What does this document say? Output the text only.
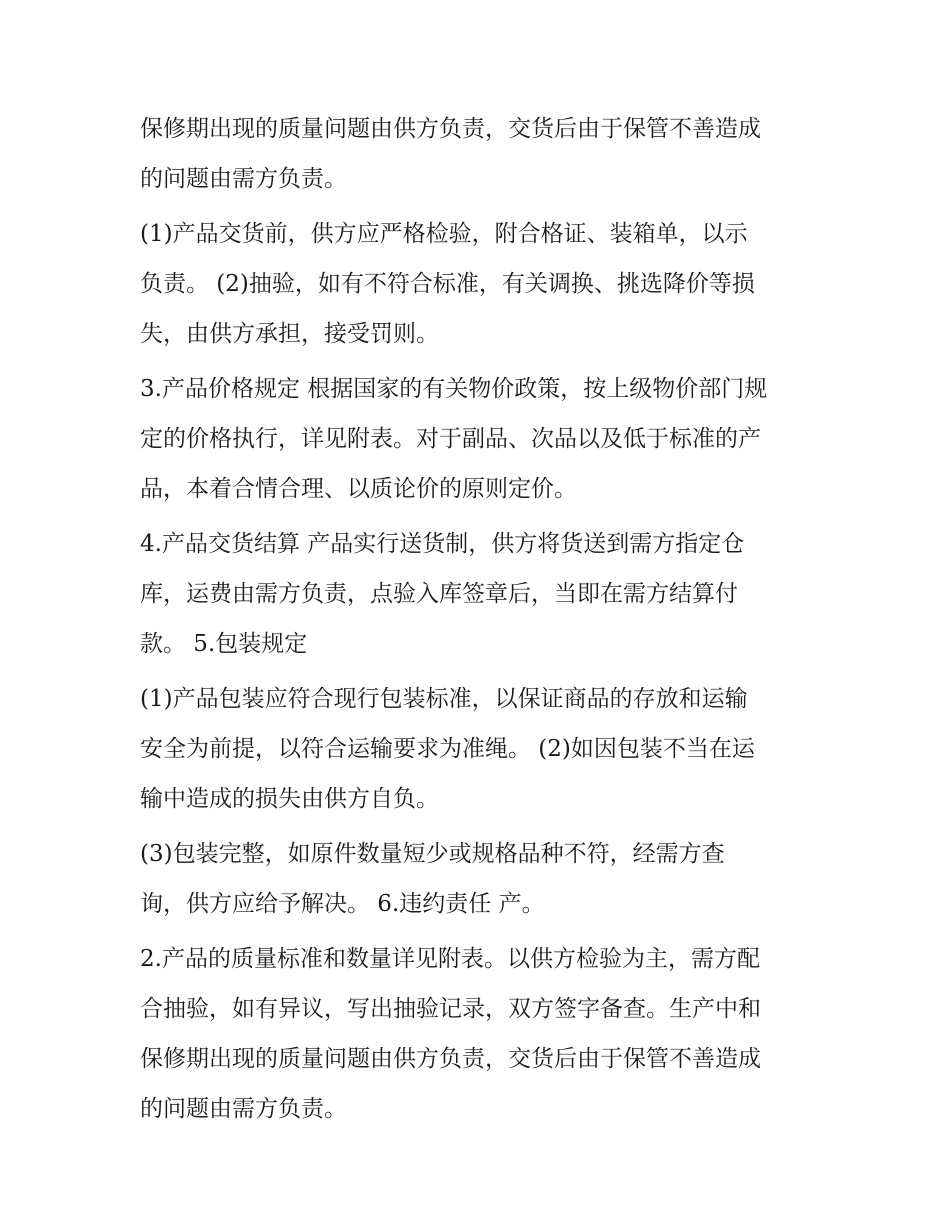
保修期出现的质量问题由供方负责，交货后由于保管不善造成

的问题由需方负责。

(1)产品交货前，供方应严格检验，附合格证、装箱单，以示

负责。 (2)抽验，如有不符合标准，有关调换、挑选降价等损

失，由供方承担，接受罚则。

3.产品价格规定 根据国家的有关物价政策，按上级物价部门规

定的价格执行，详见附表。对于副品、次品以及低于标准的产

品，本着合情合理、以质论价的原则定价。

4.产品交货结算 产品实行送货制，供方将货送到需方指定仓

库，运费由需方负责，点验入库签章后，当即在需方结算付

款。 5.包装规定

(1)产品包装应符合现行包装标准，以保证商品的存放和运输

安全为前提，以符合运输要求为准绳。 (2)如因包装不当在运

输中造成的损失由供方自负。

(3)包装完整，如原件数量短少或规格品种不符，经需方查

询，供方应给予解决。 6.违约责任 产。

2.产品的质量标准和数量详见附表。以供方检验为主，需方配

合抽验，如有异议，写出抽验记录，双方签字备查。生产中和

保修期出现的质量问题由供方负责，交货后由于保管不善造成

的问题由需方负责。
